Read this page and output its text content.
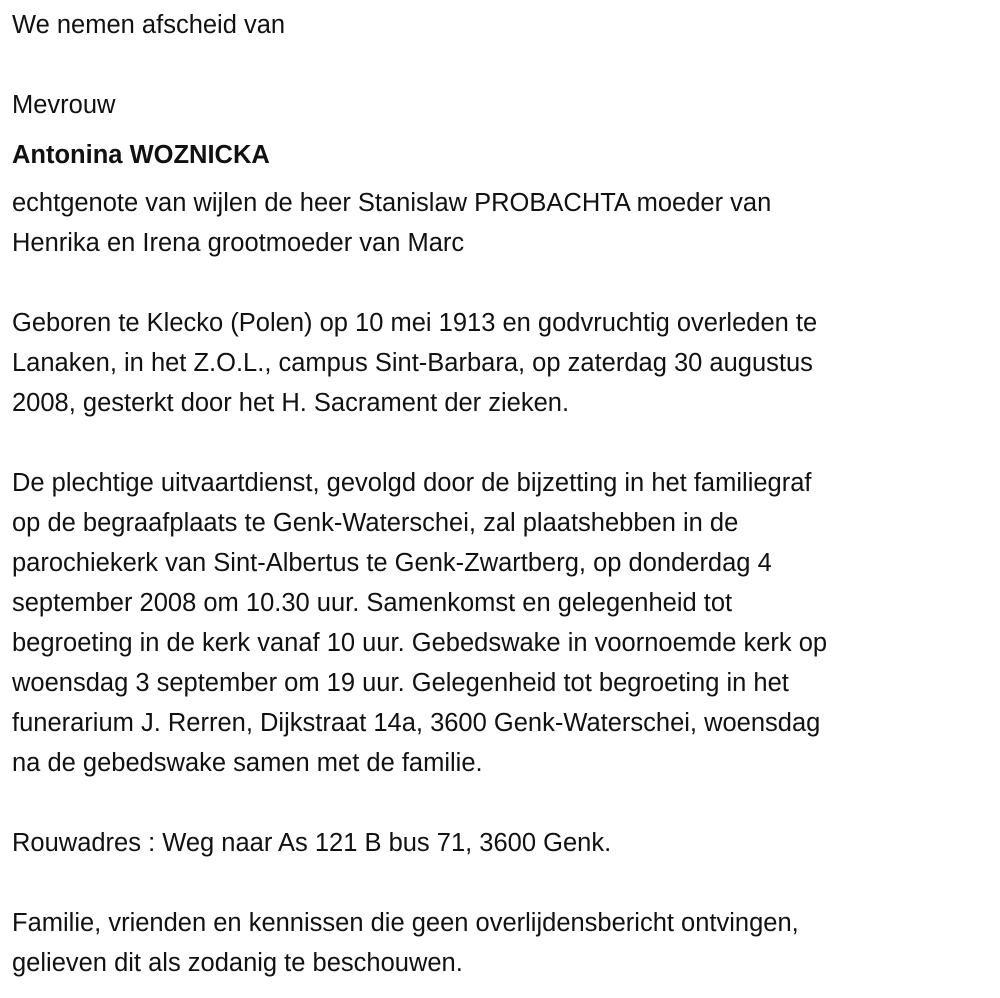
We nemen afscheid van
Mevrouw
Antonina WOZNICKA
echtgenote van wijlen de heer Stanislaw PROBACHTA moeder van
Henrika en Irena grootmoeder van Marc
Geboren te Klecko (Polen) op 10 mei 1913 en godvruchtig overleden te
Lanaken, in het Z.O.L., campus Sint-Barbara, op zaterdag 30 augustus
2008, gesterkt door het H. Sacrament der zieken.
De plechtige uitvaartdienst, gevolgd door de bijzetting in het familiegraf
op de begraafplaats te Genk-Waterschei, zal plaatshebben in de
parochiekerk van Sint-Albertus te Genk-Zwartberg, op donderdag 4
september 2008 om 10.30 uur. Samenkomst en gelegenheid tot
begroeting in de kerk vanaf 10 uur. Gebedswake in voornoemde kerk op
woensdag 3 september om 19 uur. Gelegenheid tot begroeting in het
funerarium J. Rerren, Dijkstraat 14a, 3600 Genk-Waterschei, woensdag
na de gebedswake samen met de familie.
Rouwadres : Weg naar As 121 B bus 71, 3600 Genk.
Familie, vrienden en kennissen die geen overlijdensbericht ontvingen,
gelieven dit als zodanig te beschouwen.
